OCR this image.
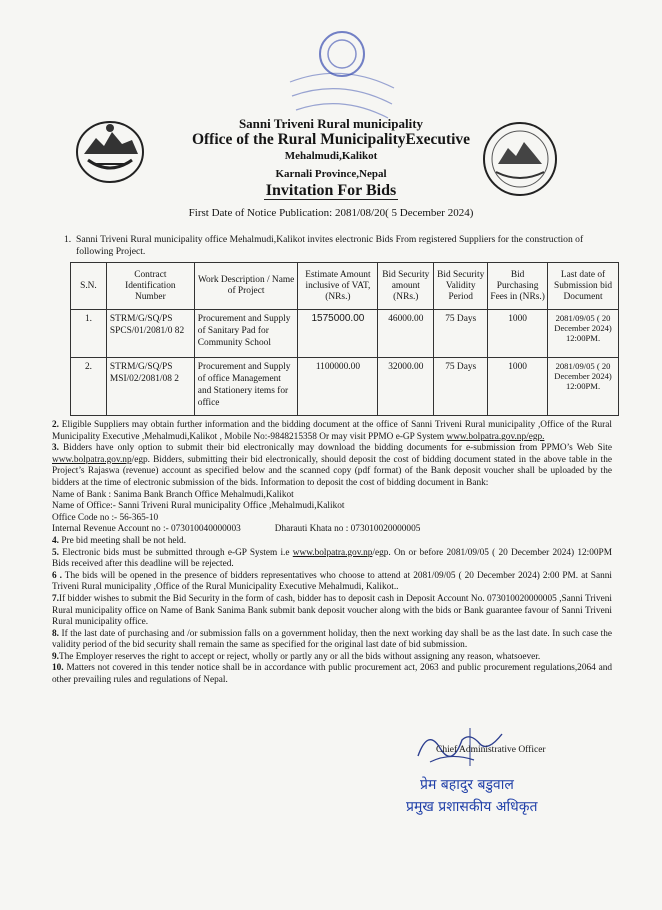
Sanni Triveni Rural municipality
Office of the Rural MunicipalityExecutive
Mehalmudi,Kalikot
Karnali Province,Nepal
Invitation For Bids
First Date of Notice Publication: 2081/08/20( 5 December 2024)
1. Sanni Triveni Rural municipality office Mehalmudi,Kalikot invites electronic Bids From registered Suppliers for the construction of following Project.
S.N.	Contract Identification Number	Work Description / Name of Project	Estimate Amount inclusive of VAT, (NRs.)	Bid Security amount (NRs.)	Bid Security Validity Period	Bid Purchasing Fees in (NRs.)	Last date of Submission bid Document
1.	STRM/G/SQ/PS SPCS/01/2081/0 82	Procurement and Supply of Sanitary Pad for Community School	1575000.00	46000.00	75 Days	1000	2081/09/05 ( 20 December 2024) 12:00PM.
2.	STRM/G/SQ/PS MSI/02/2081/08 2	Procurement and Supply of office Management and Stationery items for office	1100000.00	32000.00	75 Days	1000	2081/09/05 ( 20 December 2024) 12:00PM.

2. Eligible Suppliers may obtain further information and the bidding document at the office of Sanni Triveni Rural municipality ,Office of the Rural Municipality Executive ,Mehalmudi,Kalikot , Mobile No:-9848215358 Or may visit PPMO e-GP System www.bolpatra.gov.np/egp.

3. Bidders have only option to submit their bid electronically may download the bidding documents for e-submission from PPMO’s Web Site www.bolpatra.gov.np/egp. Bidders, submitting their bid electronically, should deposit the cost of bidding document stated in the above table in the Project’s Rajaswa (revenue) account as specified below and the scanned copy (pdf format) of the Bank deposit voucher shall be uploaded by the bidders at the time of electronic submission of the bids. Information to deposit the cost of bidding document in Bank:

Name of Bank : Sanima Bank Branch Office Mehalmudi,Kalikot

Name of Office:- Sanni Triveni Rural municipality Office ,Mehalmudi,Kalikot

Office Code no :- 56-365-10

Internal Revenue Account no :- 073010040000003	Dharauti Khata no : 073010020000005

4. Pre bid meeting shall be not held.

5. Electronic bids must be submitted through e-GP System i.e www.bolpatra.gov.np/egp. On or before 2081/09/05 ( 20 December 2024) 12:00PM Bids received after this deadline will be rejected.

6 . The bids will be opened in the presence of bidders representatives who choose to attend at 2081/09/05 ( 20 December 2024) 2:00 PM. at Sanni Triveni Rural municipality ,Office of the Rural Municipality Executive Mehalmudi, Kalikot..

7.If bidder wishes to submit the Bid Security in the form of cash, bidder has to deposit cash in Deposit Account No. 073010020000005 ,Sanni Triveni Rural municipality office on Name of Bank Sanima Bank submit bank deposit voucher along with the bids or Bank guarantee favour of Sanni Triveni Rural municipality office.

8. If the last date of purchasing and /or submission falls on a government holiday, then the next working day shall be as the last date. In such case the validity period of the bid security shall remain the same as specified for the original last date of bid submission.

9.The Employer reserves the right to accept or reject, wholly or partly any or all the bids without assigning any reason, whatsoever.

10. Matters not covered in this tender notice shall be in accordance with public procurement act, 2063 and public procurement regulations,2064 and other prevailing rules and regulations of Nepal.

Chief Administrative Officer
प्रेम बहादुर बडुवाल
प्रमुख प्रशासकीय अधिकृत
